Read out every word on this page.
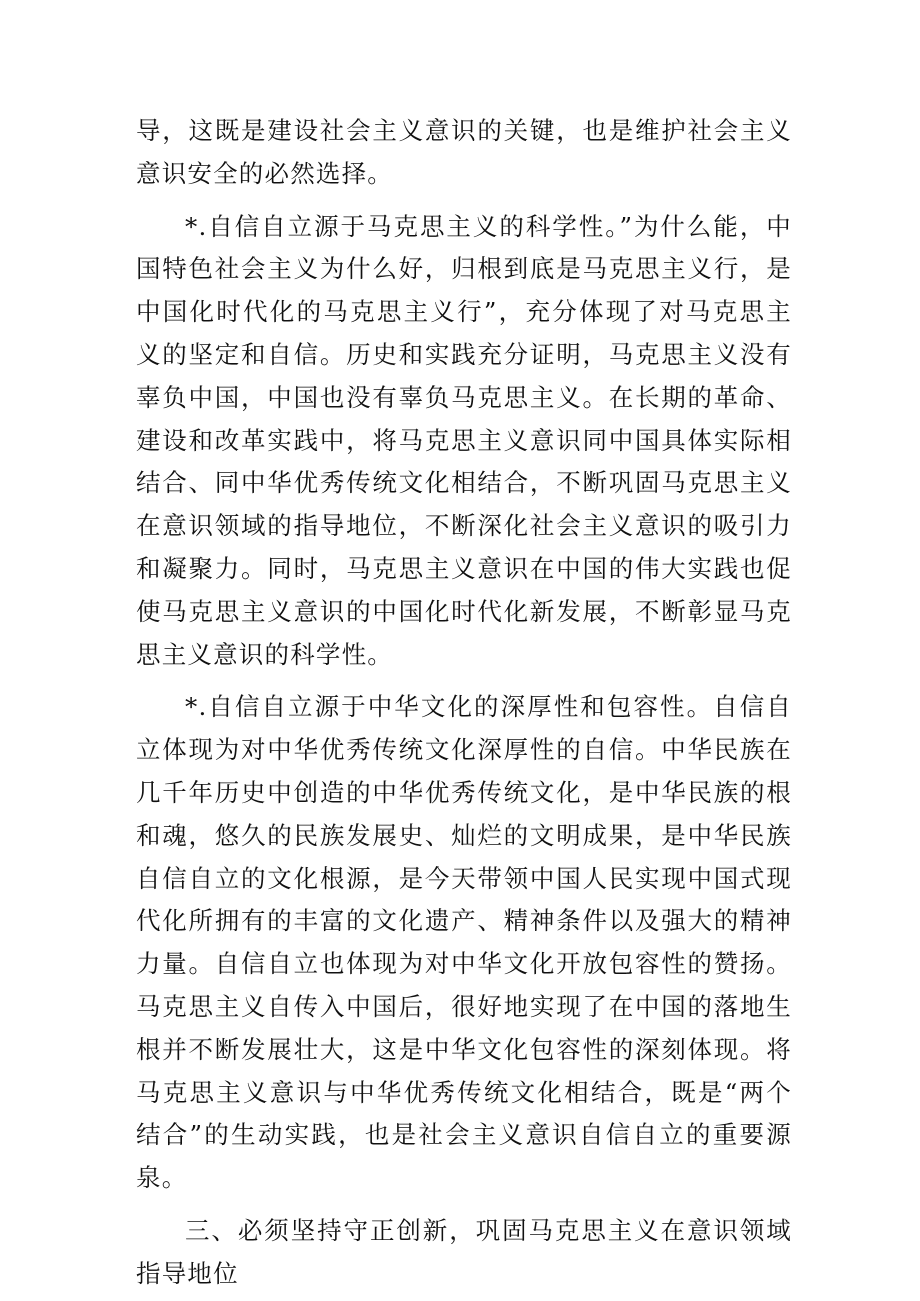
导，这既是建设社会主义意识的关键，也是维护社会主义意识安全的必然选择。

*.自信自立源于马克思主义的科学性。”为什么能，中国特色社会主义为什么好，归根到底是马克思主义行，是中国化时代化的马克思主义行”，充分体现了对马克思主义的坚定和自信。历史和实践充分证明，马克思主义没有辜负中国，中国也没有辜负马克思主义。在长期的革命、建设和改革实践中，将马克思主义意识同中国具体实际相结合、同中华优秀传统文化相结合，不断巩固马克思主义在意识领域的指导地位，不断深化社会主义意识的吸引力和凝聚力。同时，马克思主义意识在中国的伟大实践也促使马克思主义意识的中国化时代化新发展，不断彰显马克思主义意识的科学性。

*.自信自立源于中华文化的深厚性和包容性。自信自立体现为对中华优秀传统文化深厚性的自信。中华民族在几千年历史中创造的中华优秀传统文化，是中华民族的根和魂，悠久的民族发展史、灿烂的文明成果，是中华民族自信自立的文化根源，是今天带领中国人民实现中国式现代化所拥有的丰富的文化遗产、精神条件以及强大的精神力量。自信自立也体现为对中华文化开放包容性的赞扬。马克思主义自传入中国后，很好地实现了在中国的落地生根并不断发展壮大，这是中华文化包容性的深刻体现。将马克思主义意识与中华优秀传统文化相结合，既是“两个结合”的生动实践，也是社会主义意识自信自立的重要源泉。

三、必须坚持守正创新，巩固马克思主义在意识领域指导地位
